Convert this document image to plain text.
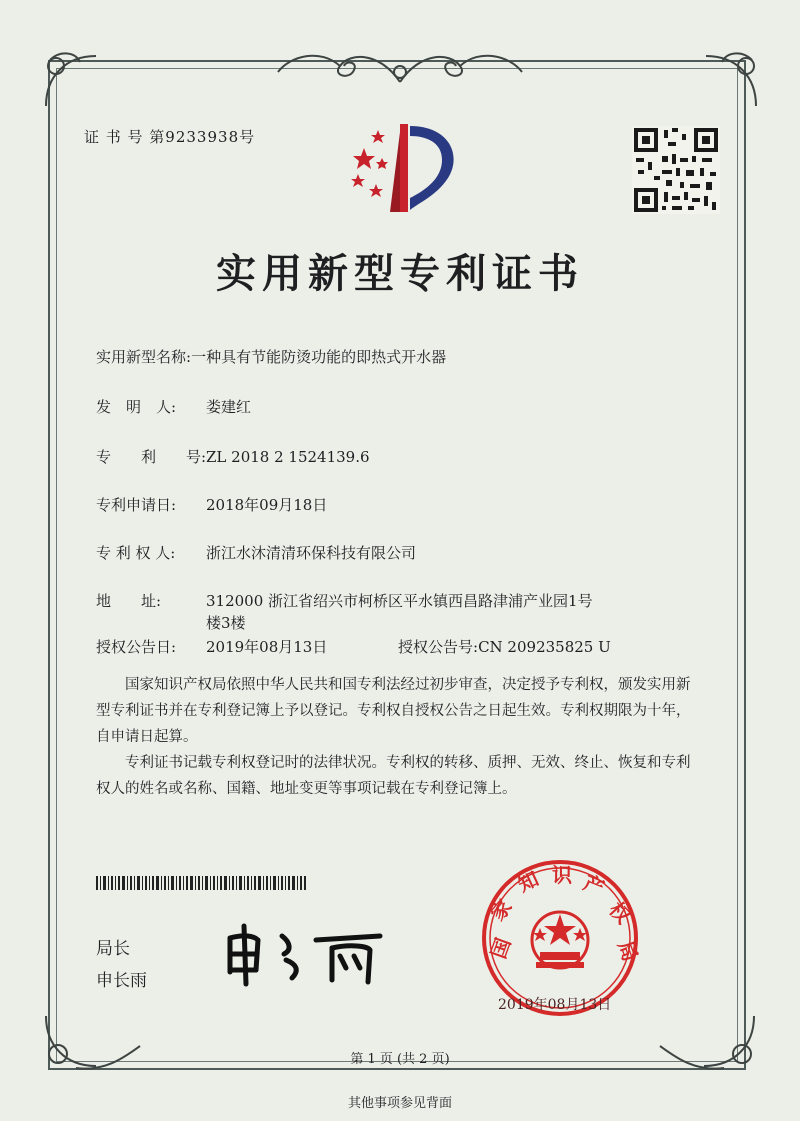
证 书 号 第9233938号
实用新型专利证书
实用新型名称:一种具有节能防烫功能的即热式开水器
发　明　人: 娄建红
专　　利　　号:ZL 2018 2 1524139.6
专利申请日: 2018年09月18日
专 利 权 人: 浙江水沐清清环保科技有限公司
地　　址:	312000 浙江省绍兴市柯桥区平水镇西昌路津浦产业园1号
楼3楼
授权公告日: 2019年08月13日	授权公告号:CN 209235825 U
国家知识产权局依照中华人民共和国专利法经过初步审查，决定授予专利权，颁发实用新型专利证书并在专利登记簿上予以登记。专利权自授权公告之日起生效。专利权期限为十年，自申请日起算。
专利证书记载专利权登记时的法律状况。专利权的转移、质押、无效、终止、恢复和专利权人的姓名或名称、国籍、地址变更等事项记载在专利登记簿上。
局长
申长雨
国
家
知 识 产
权
局
2019年08月13日
第 1 页 (共 2 页)
其他事项参见背面
